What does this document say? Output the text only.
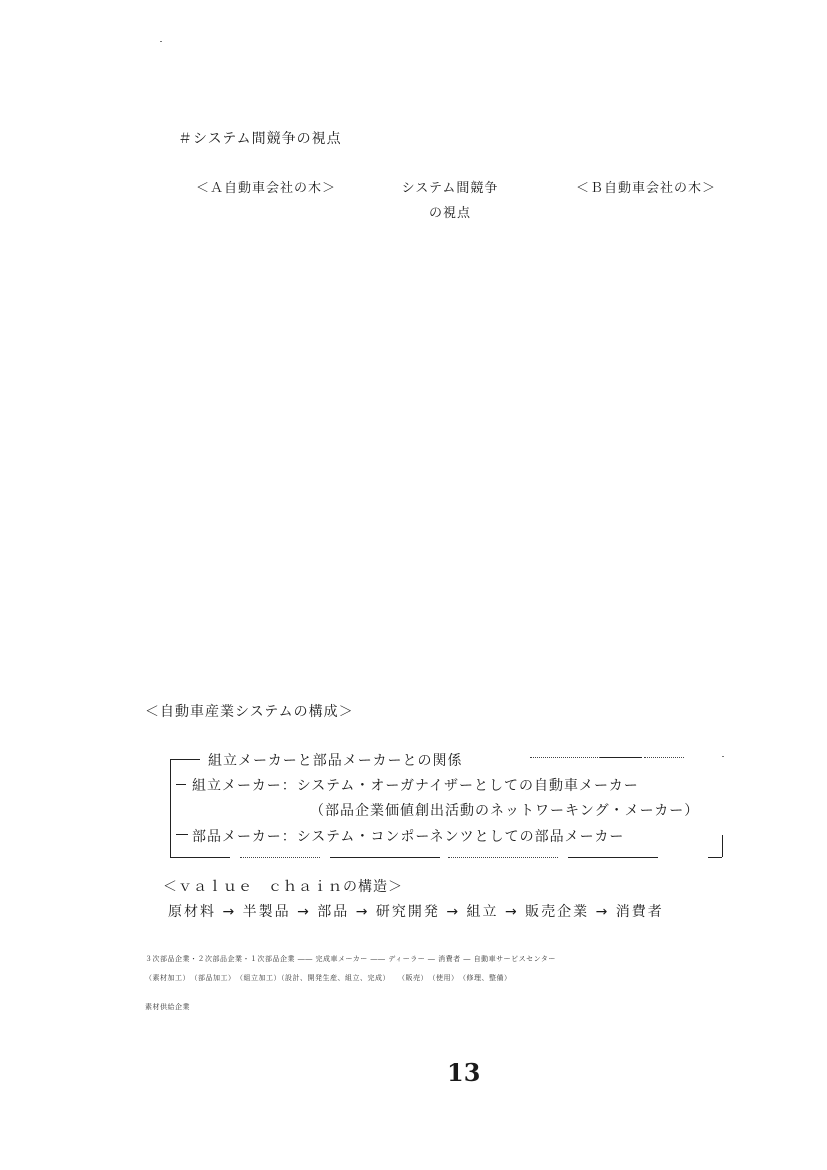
＃システム間競争の視点
＜Ａ自動車会社の木＞	システム間競争
の視点
＜Ｂ自動車会社の木＞
＜自動車産業システムの構成＞
組立メーカーと部品メーカーとの関係
組立メーカー：システム・オーガナイザーとしての自動車メーカー
（部品企業価値創出活動のネットワーキング・メーカー）
部品メーカー：システム・コンポーネンツとしての部品メーカー
＜ｖａｌｕｅ　ｃｈａｉｎの構造＞
原材料 → 半製品 → 部品 → 研究開発 → 組立 → 販売企業 → 消費者
３次部品企業・２次部品企業・１次部品企業 ―― 完成車メーカー ―― ディーラー ― 消費者 ― 自動車サービスセンター
（素材加工）　（部品加工）　（組立加工）（設計、開発生産、組立、完成）　　（販売）　（使用）　（修理、整備）
素材供給企業
13
